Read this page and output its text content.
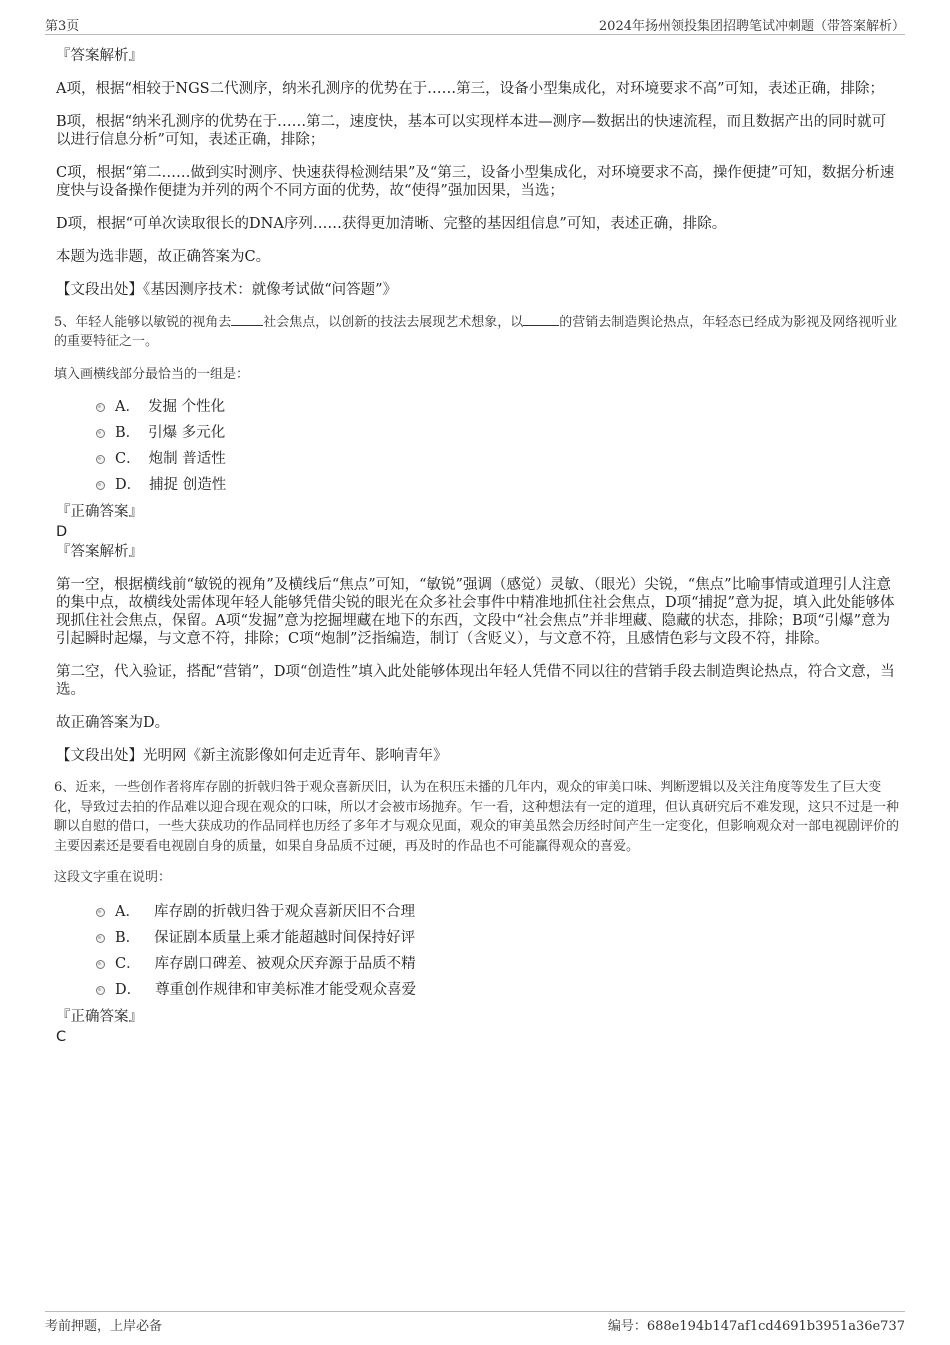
第3页	2024年扬州领投集团招聘笔试冲刺题（带答案解析）

『答案解析』

A项，根据“相较于NGS二代测序，纳米孔测序的优势在于……第三，设备小型集成化，对环境要求不高”可知，表述正确，排除；

B项，根据“纳米孔测序的优势在于……第二，速度快，基本可以实现样本进—测序—数据出的快速流程，而且数据产出的同时就可以进行信息分析”可知，表述正确，排除；

C项，根据“第二……做到实时测序、快速获得检测结果”及“第三，设备小型集成化，对环境要求不高，操作便捷”可知，数据分析速度快与设备操作便捷为并列的两个不同方面的优势，故“使得”强加因果，当选；

D项，根据“可单次读取很长的DNA序列……获得更加清晰、完整的基因组信息”可知，表述正确，排除。

本题为选非题，故正确答案为C。

【文段出处】《基因测序技术：就像考试做“问答题”》

5、年轻人能够以敏锐的视角去 社会焦点，以创新的技法去展现艺术想象，以	的营销去制造舆论热点，年轻态已经成为影视及网络视听业的重要特征之一。

填入画横线部分最恰当的一组是：

A． 发掘 个性化
B． 引爆 多元化
C． 炮制 普适性
D． 捕捉 创造性

『正确答案』

D

『答案解析』

第一空，根据横线前“敏锐的视角”及横线后“焦点”可知，“敏锐”强调（感觉）灵敏、（眼光）尖锐，“焦点”比喻事情或道理引人注意的集中点，故横线处需体现年轻人能够凭借尖锐的眼光在众多社会事件中精准地抓住社会焦点，D项“捕捉”意为捉，填入此处能够体现抓住社会焦点，保留。A项“发掘”意为挖掘埋藏在地下的东西，文段中“社会焦点”并非埋藏、隐藏的状态，排除；B项“引爆”意为引起瞬时起爆，与文意不符，排除；C项“炮制”泛指编造，制订（含贬义），与文意不符，且感情色彩与文段不符，排除。

第二空，代入验证，搭配“营销”，D项“创造性”填入此处能够体现出年轻人凭借不同以往的营销手段去制造舆论热点，符合文意，当选。

故正确答案为D。

【文段出处】光明网《新主流影像如何走近青年、影响青年》

6、近来，一些创作者将库存剧的折戟归咎于观众喜新厌旧，认为在积压未播的几年内，观众的审美口味、判断逻辑以及关注角度等发生了巨大变化，导致过去拍的作品难以迎合现在观众的口味，所以才会被市场抛弃。乍一看，这种想法有一定的道理，但认真研究后不难发现，这只不过是一种聊以自慰的借口，一些大获成功的作品同样也历经了多年才与观众见面，观众的审美虽然会历经时间产生一定变化，但影响观众对一部电视剧评价的主要因素还是要看电视剧自身的质量，如果自身品质不过硬，再及时的作品也不可能赢得观众的喜爱。

这段文字重在说明：

A． 库存剧的折戟归咎于观众喜新厌旧不合理
B． 保证剧本质量上乘才能超越时间保持好评
C． 库存剧口碑差、被观众厌弃源于品质不精
D． 尊重创作规律和审美标准才能受观众喜爱

『正确答案』

C

考前押题，上岸必备	编号：688e194b147af1cd4691b3951a36e737
